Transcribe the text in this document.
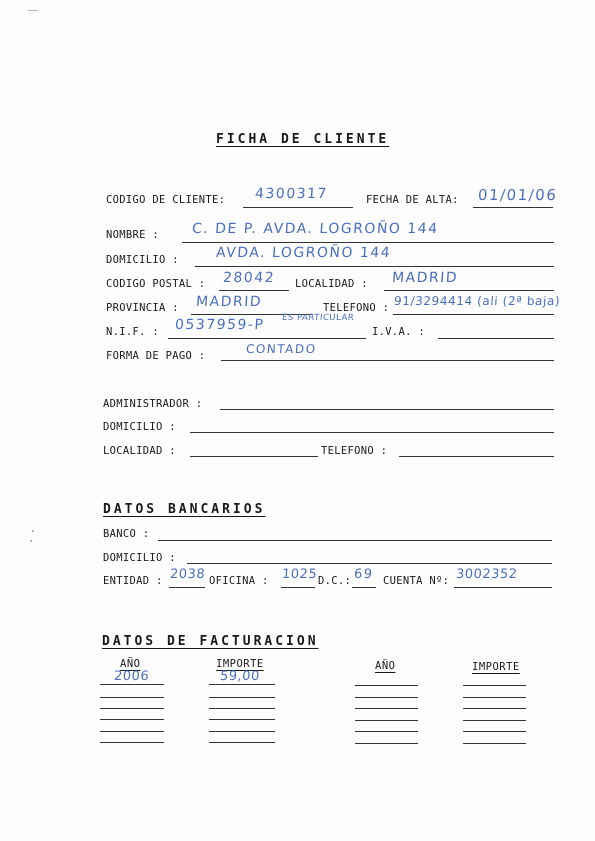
FICHA DE CLIENTE
CODIGO DE CLIENTE: 4300317	FECHA DE ALTA: 01/01/06
NOMBRE : C. DE P. AVDA. LOGROÑO 144
DOMICILIO :	AVDA. LOGROÑO 144
CODIGO POSTAL : 28042 LOCALIDAD : MADRID
PROVINCIA : MADRID	TELEFONO : 91/3294414 (ali (2ª baja)
N.I.F. : 0537959-P ES PARTICULAR
I.V.A. :
FORMA DE PAGO :	CONTADO
ADMINISTRADOR :
DOMICILIO :
LOCALIDAD :	TELEFONO :
DATOS BANCARIOS
BANCO :
DOMICILIO :
ENTIDAD : 2038 OFICINA : 1025 D.C.: 69 CUENTA Nº: 3002352
DATOS DE FACTURACION
AÑO	IMPORTE	AÑO	IMPORTE
2006	59,00
